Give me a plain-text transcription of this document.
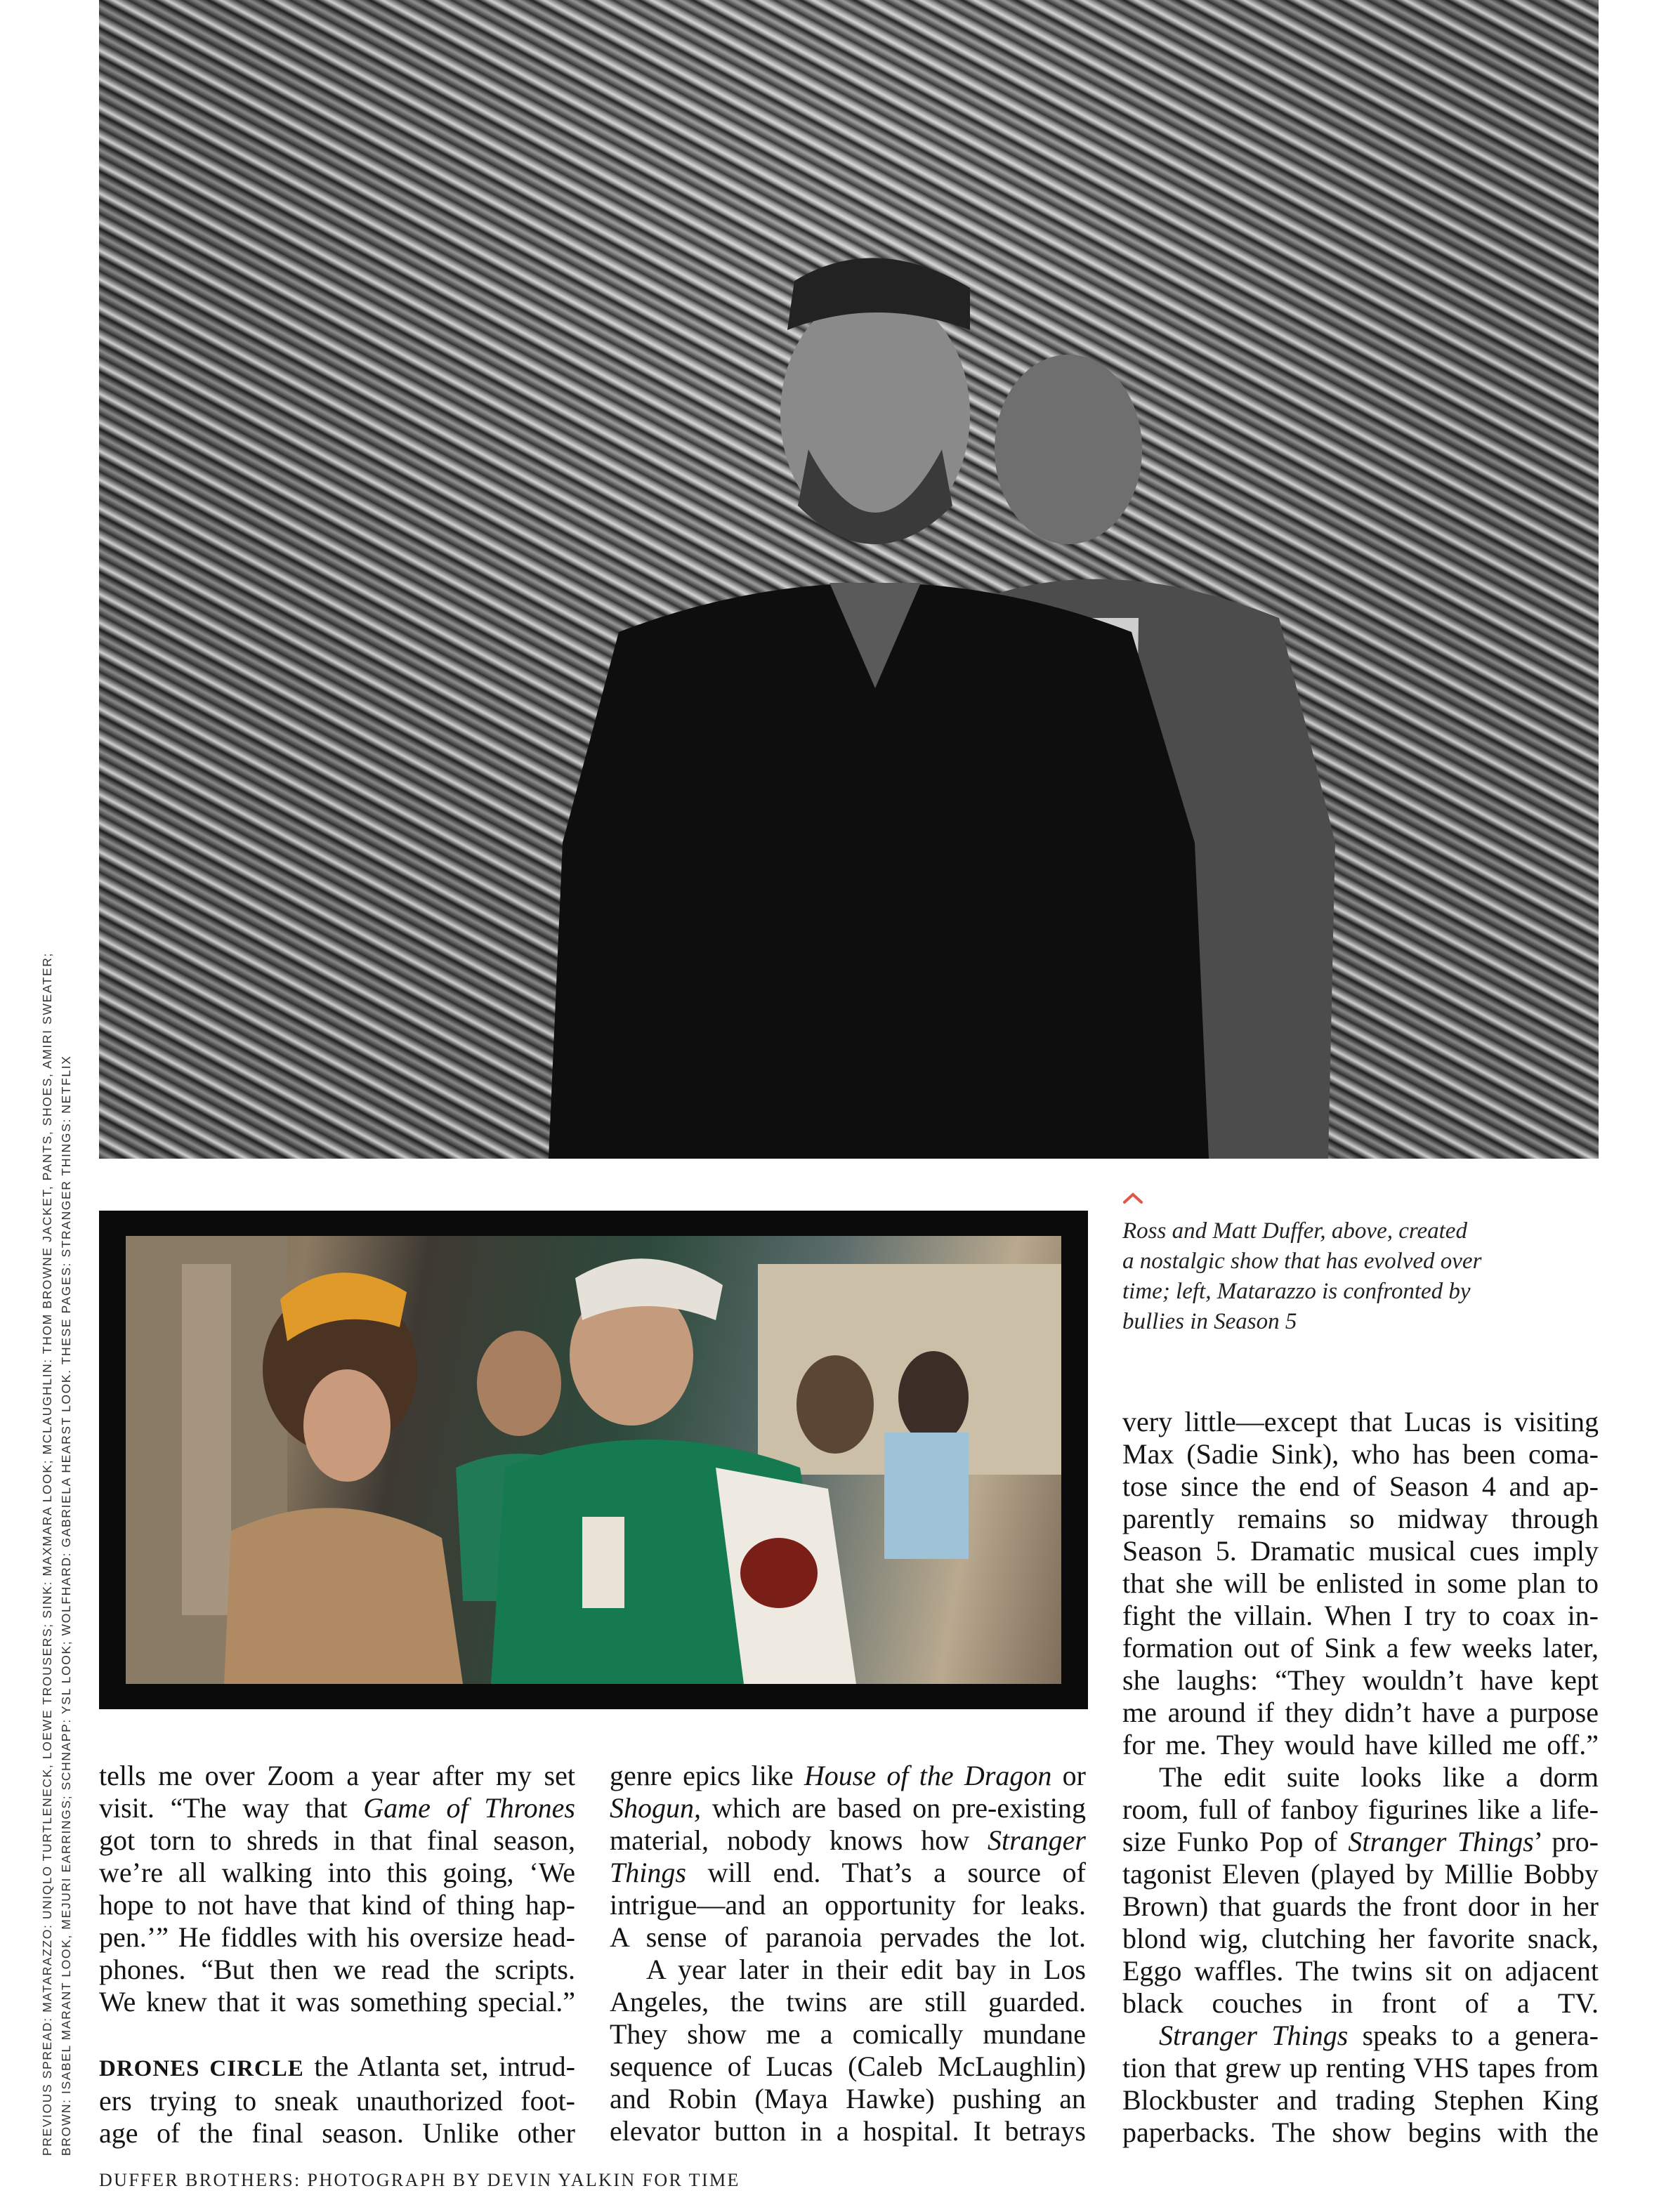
PREVIOUS SPREAD: MATARAZZO: UNIQLO TURTLENECK, LOEWE TROUSERS; SINK: MAXMARA LOOK; MCLAUGHLIN: THOM BROWNE JACKET, PANTS, SHOES, AMIRI SWEATER; BROWN: ISABEL MARANT LOOK, MEJURI EARRINGS; SCHNAPP: YSL LOOK; WOLFHARD: GABRIELA HEARST LOOK. THESE PAGES: STRANGER THINGS: NETFLIX	Ross and Matt Duffer, above, created
a nostalgic show that has evolved over
time; left, Matarazzo is confronted by
bullies in Season 5

tells me over Zoom a year after my set
visit. “The way that Game of Thrones
got torn to shreds in that final season,
we’re all walking into this going, ‘We
hope to not have that kind of thing hap-
pen.’” He fiddles with his oversize head-
phones. “But then we read the scripts.
We knew that it was something special.”
DRONES CIRCLE the Atlanta set, intrud-
ers trying to sneak unauthorized foot-
age of the final season. Unlike other
genre epics like House of the Dragon or
Shogun, which are based on pre-existing
material, nobody knows how Stranger
Things will end. That’s a source of
intrigue—and an opportunity for leaks.
A sense of paranoia pervades the lot.
A year later in their edit bay in Los
Angeles, the twins are still guarded.
They show me a comically mundane
sequence of Lucas (Caleb McLaughlin)
and Robin (Maya Hawke) pushing an
elevator button in a hospital. It betrays
very little—except that Lucas is visiting
Max (Sadie Sink), who has been coma-
tose since the end of Season 4 and ap-
parently remains so midway through
Season 5. Dramatic musical cues imply
that she will be enlisted in some plan to
fight the villain. When I try to coax in-
formation out of Sink a few weeks later,
she laughs: “They wouldn’t have kept
me around if they didn’t have a purpose
for me. They would have killed me off.”
The edit suite looks like a dorm
room, full of fanboy figurines like a life-
size Funko Pop of Stranger Things’ pro-
tagonist Eleven (played by Millie Bobby
Brown) that guards the front door in her
blond wig, clutching her favorite snack,
Eggo waffles. The twins sit on adjacent
black couches in front of a TV.
Stranger Things speaks to a genera-
tion that grew up renting VHS tapes from
Blockbuster and trading Stephen King
paperbacks. The show begins with the

DUFFER BROTHERS: PHOTOGRAPH BY DEVIN YALKIN FOR TIME
